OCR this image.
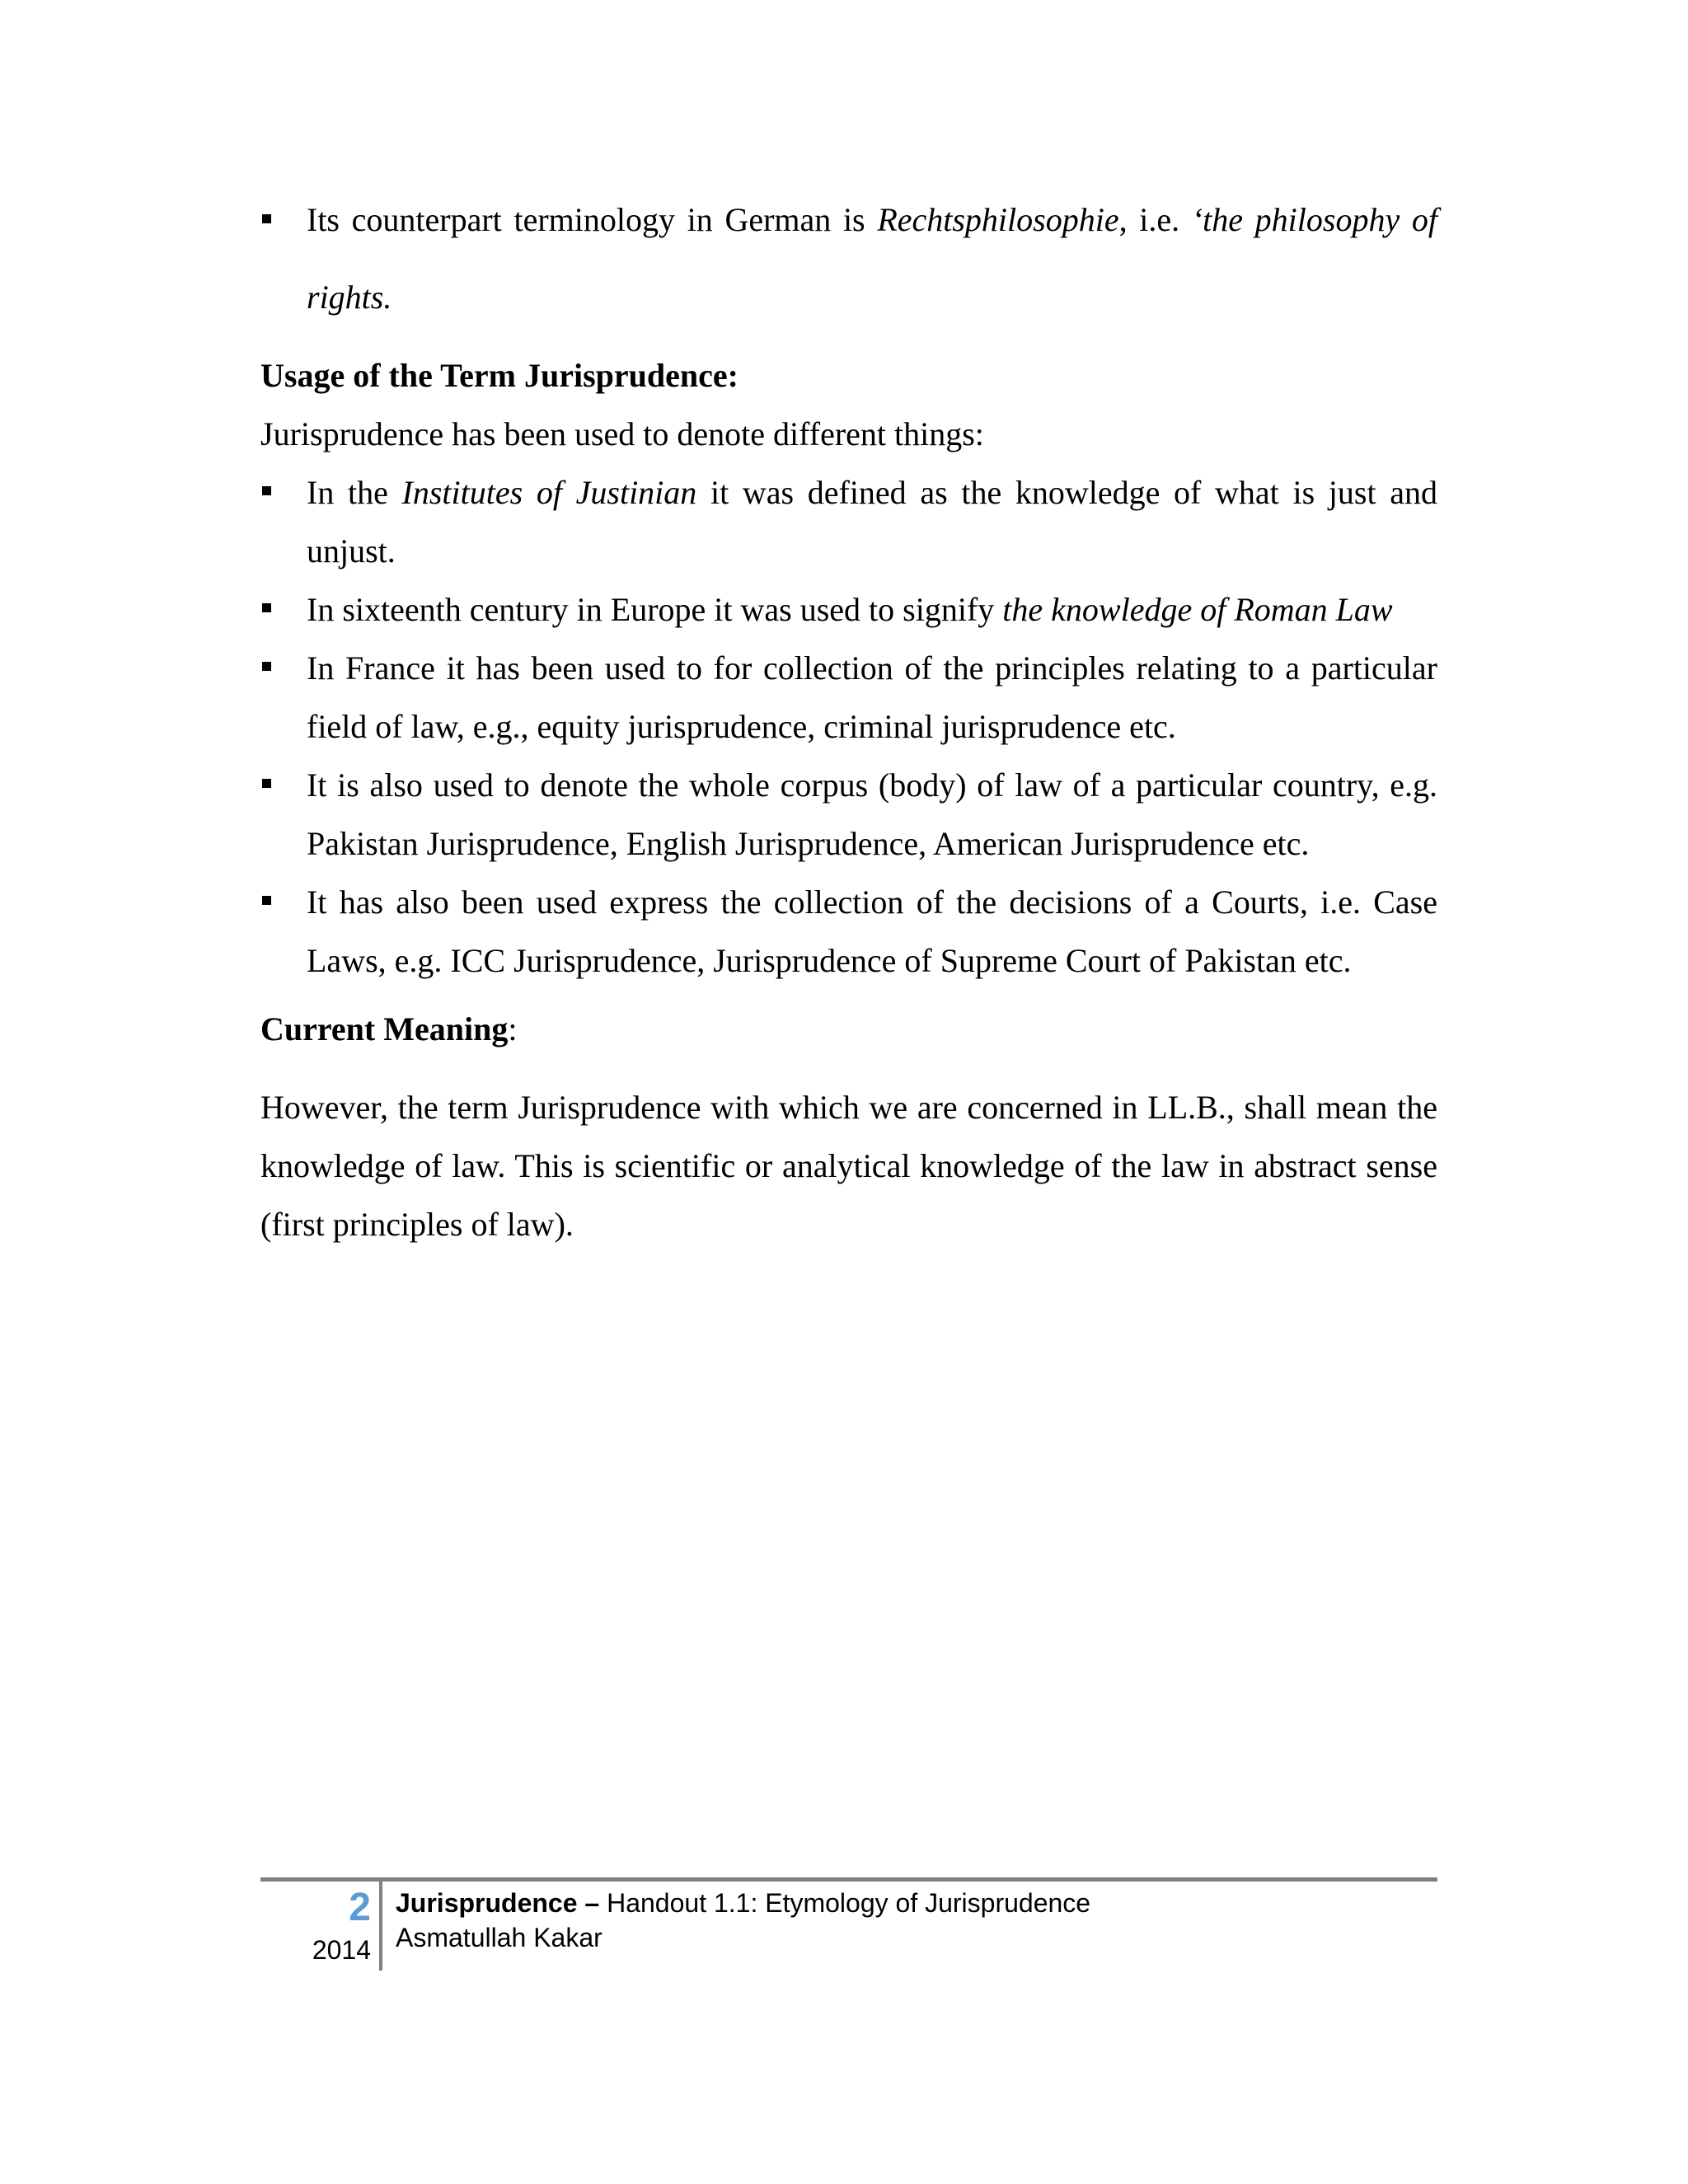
Its counterpart terminology in German is Rechtsphilosophie, i.e. ‘the philosophy of rights.

Usage of the Term Jurisprudence:

Jurisprudence has been used to denote different things:

In the Institutes of Justinian it was defined as the knowledge of what is just and unjust.
In sixteenth century in Europe it was used to signify the knowledge of Roman Law
In France it has been used to for collection of the principles relating to a particular field of law, e.g., equity jurisprudence, criminal jurisprudence etc.
It is also used to denote the whole corpus (body) of law of a particular country, e.g. Pakistan Jurisprudence, English Jurisprudence, American Jurisprudence etc.
It has also been used express the collection of the decisions of a Courts, i.e. Case Laws, e.g. ICC Jurisprudence, Jurisprudence of Supreme Court of Pakistan etc.

Current Meaning:

However, the term Jurisprudence with which we are concerned in LL.B., shall mean the knowledge of law. This is scientific or analytical knowledge of the law in abstract sense (first principles of law).

2
2014
Jurisprudence – Handout 1.1: Etymology of Jurisprudence
Asmatullah Kakar
